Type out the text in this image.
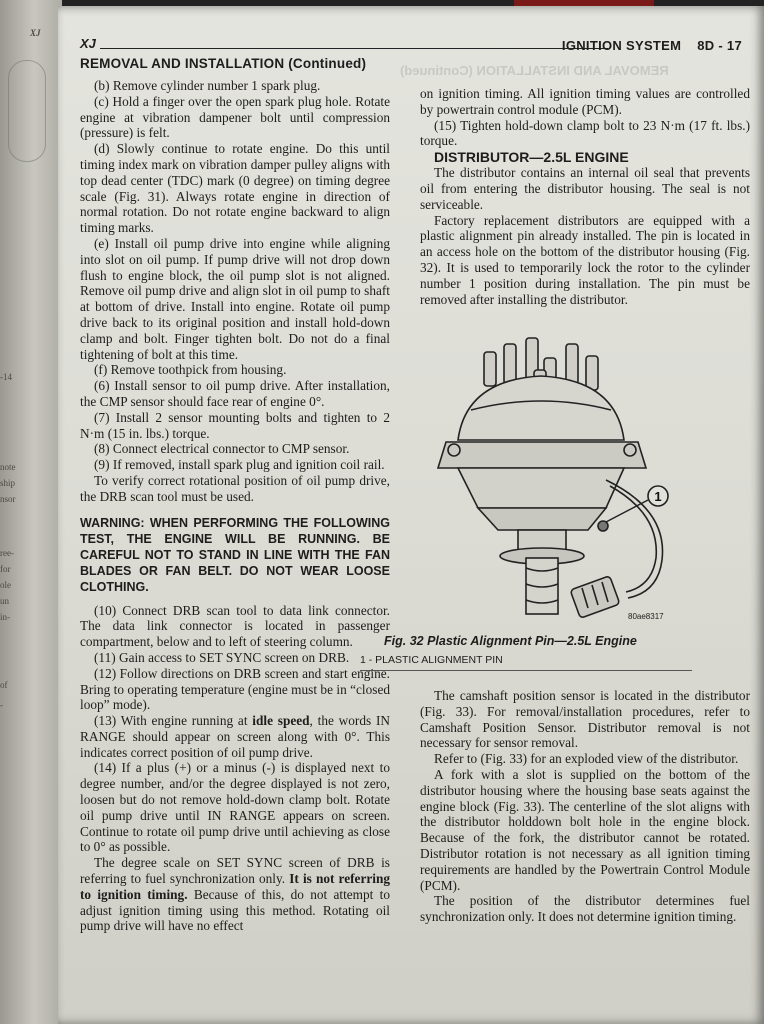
XJ
-14
note
ship
nsor
ree-
for
ole
un
in-
of
-
XJ	IGNITION SYSTEM 8D - 17
REMOVAL AND INSTALLATION (Continued)	REMOVAL AND INSTALLATION (Continued)

(b) Remove cylinder number 1 spark plug.

(c) Hold a finger over the open spark plug hole. Rotate engine at vibration dampener bolt until compression (pressure) is felt.

(d) Slowly continue to rotate engine. Do this until timing index mark on vibration damper pulley aligns with top dead center (TDC) mark (0 degree) on timing degree scale (Fig. 31). Always rotate engine in direction of normal rotation. Do not rotate engine backward to align timing marks.

(e) Install oil pump drive into engine while aligning into slot on oil pump. If pump drive will not drop down flush to engine block, the oil pump slot is not aligned. Remove oil pump drive and align slot in oil pump to shaft at bottom of drive. Install into engine. Rotate oil pump drive back to its original position and install hold-down clamp and bolt. Finger tighten bolt. Do not do a final tightening of bolt at this time.

(f) Remove toothpick from housing.

(6) Install sensor to oil pump drive. After installation, the CMP sensor should face rear of engine 0°.

(7) Install 2 sensor mounting bolts and tighten to 2 N·m (15 in. lbs.) torque.

(8) Connect electrical connector to CMP sensor.

(9) If removed, install spark plug and ignition coil rail.

To verify correct rotational position of oil pump drive, the DRB scan tool must be used.

WARNING: WHEN PERFORMING THE FOLLOWING TEST, THE ENGINE WILL BE RUNNING. BE CAREFUL NOT TO STAND IN LINE WITH THE FAN BLADES OR FAN BELT. DO NOT WEAR LOOSE CLOTHING.

(10) Connect DRB scan tool to data link connector. The data link connector is located in passenger compartment, below and to left of steering column.

(11) Gain access to SET SYNC screen on DRB.

(12) Follow directions on DRB screen and start engine. Bring to operating temperature (engine must be in “closed loop” mode).

(13) With engine running at idle speed, the words IN RANGE should appear on screen along with 0°. This indicates correct position of oil pump drive.

(14) If a plus (+) or a minus (-) is displayed next to degree number, and/or the degree displayed is not zero, loosen but do not remove hold-down clamp bolt. Rotate oil pump drive until IN RANGE appears on screen. Continue to rotate oil pump drive until achieving as close to 0° as possible.

The degree scale on SET SYNC screen of DRB is referring to fuel synchronization only. It is not referring to ignition timing. Because of this, do not attempt to adjust ignition timing using this method. Rotating oil pump drive will have no effect

on ignition timing. All ignition timing values are controlled by powertrain control module (PCM).

(15) Tighten hold-down clamp bolt to 23 N·m (17 ft. lbs.) torque.

DISTRIBUTOR—2.5L ENGINE

The distributor contains an internal oil seal that prevents oil from entering the distributor housing. The seal is not serviceable.

Factory replacement distributors are equipped with a plastic alignment pin already installed. The pin is located in an access hole on the bottom of the distributor housing (Fig. 32). It is used to temporarily lock the rotor to the cylinder number 1 position during installation. The pin must be removed after installing the distributor.

1
80ae8317
Fig. 32 Plastic Alignment Pin—2.5L Engine
1 - PLASTIC ALIGNMENT PIN

The camshaft position sensor is located in the distributor (Fig. 33). For removal/installation procedures, refer to Camshaft Position Sensor. Distributor removal is not necessary for sensor removal.

Refer to (Fig. 33) for an exploded view of the distributor.

A fork with a slot is supplied on the bottom of the distributor housing where the housing base seats against the engine block (Fig. 33). The centerline of the slot aligns with the distributor holddown bolt hole in the engine block. Because of the fork, the distributor cannot be rotated. Distributor rotation is not necessary as all ignition timing requirements are handled by the Powertrain Control Module (PCM).

The position of the distributor determines fuel synchronization only. It does not determine ignition timing.
